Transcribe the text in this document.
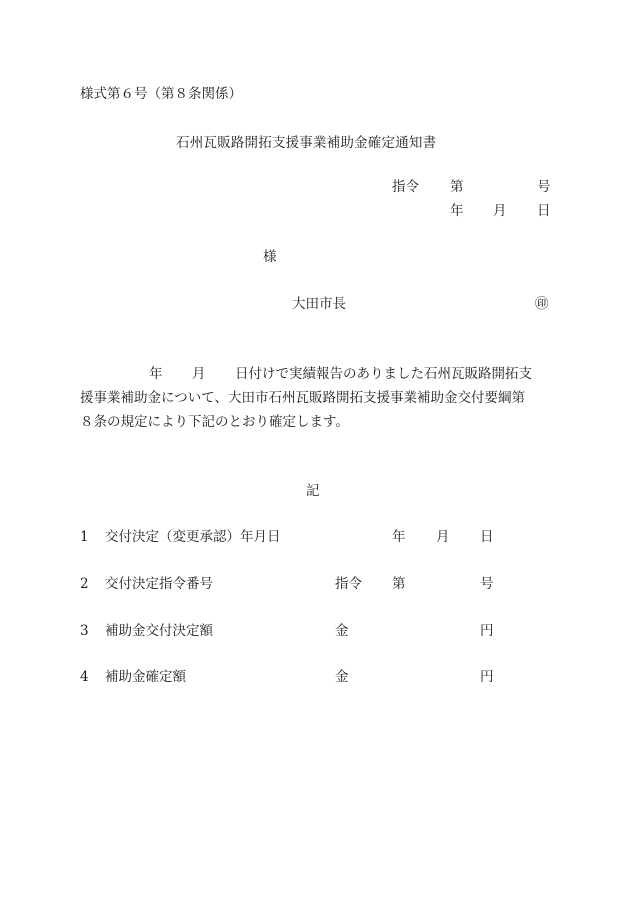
様式第６号（第８条関係）
石州瓦販路開拓支援事業補助金確定通知書
指令 第	号
年 月 日
様
大田市長	㊞
年 月 日付けで実績報告のありました石州瓦販路開拓支
援事業補助金について、大田市石州瓦販路開拓支援事業補助金交付要綱第
８条の規定により下記のとおり確定します。
記
1 交付決定（変更承認）年月日	年 月 日
2 交付決定指令番号	指令 第	号
3 補助金交付決定額	金	円
4 補助金確定額	金	円
